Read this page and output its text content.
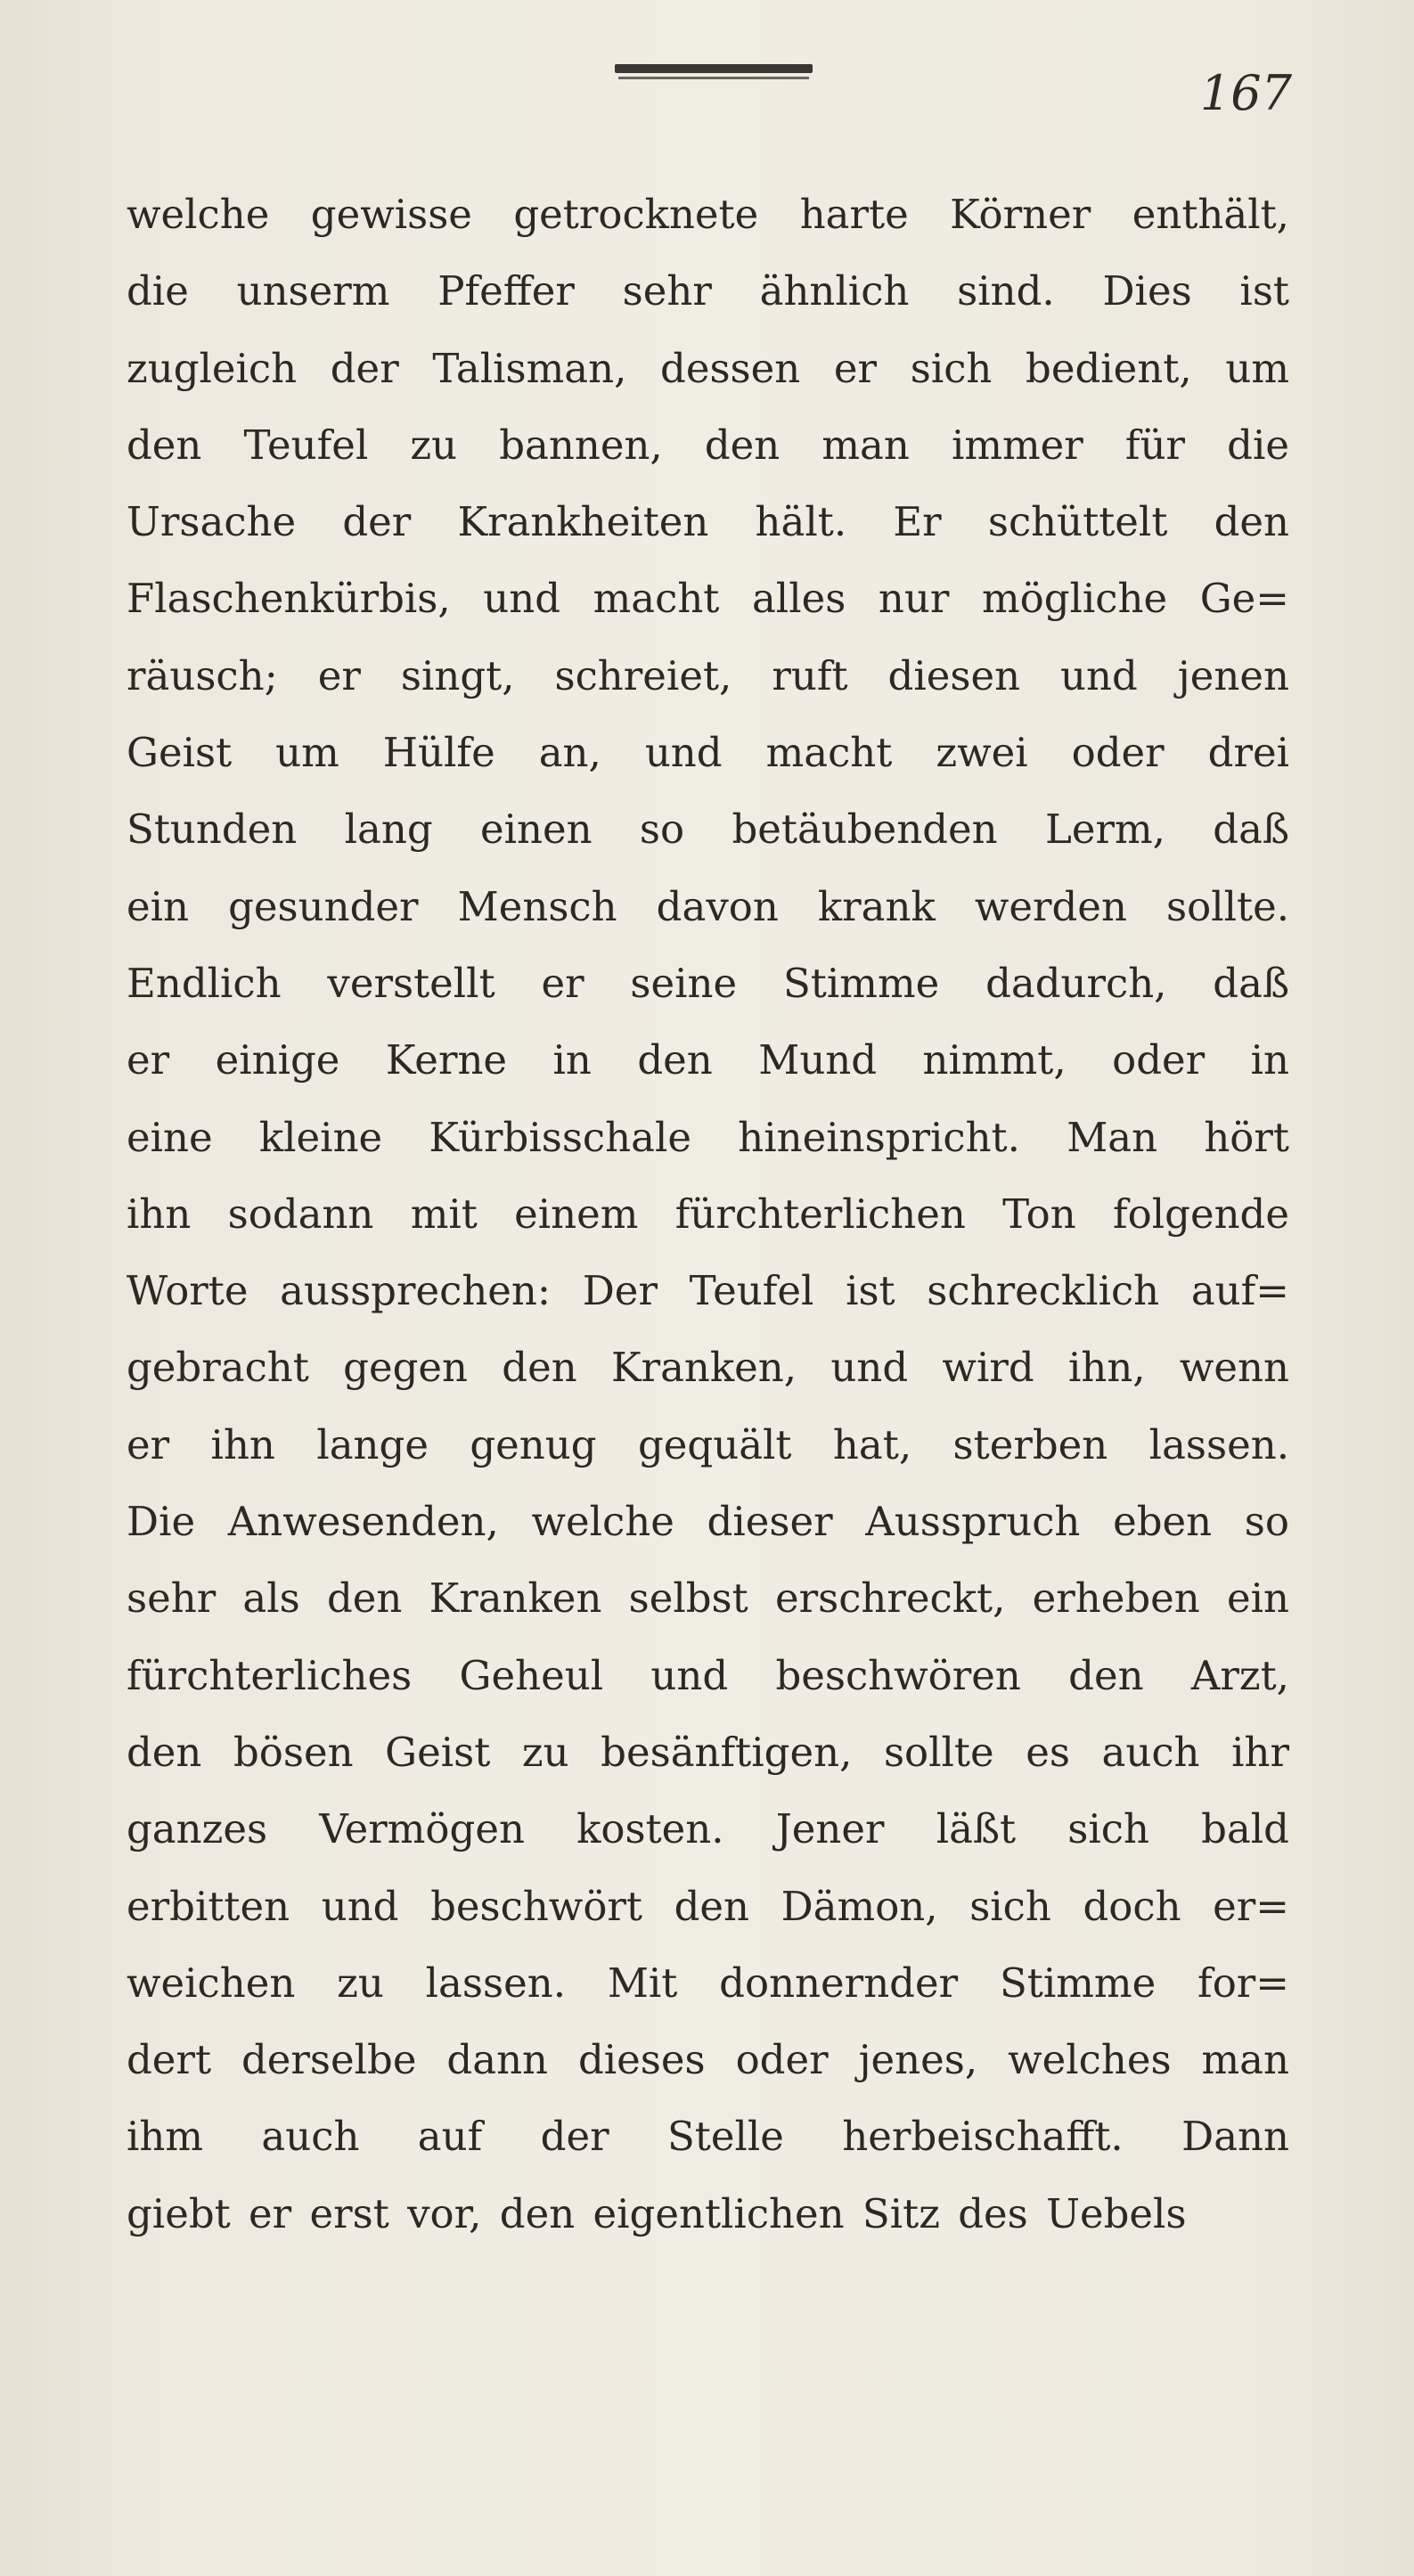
167
welche gewisse getrocknete harte Körner enthält,
die unserm Pfeffer sehr ähnlich sind. Dies ist
zugleich der Talisman, dessen er sich bedient, um
den Teufel zu bannen, den man immer für die
Ursache der Krankheiten hält. Er schüttelt den
Flaschenkürbis, und macht alles nur mögliche Ge=
räusch; er singt, schreiet, ruft diesen und jenen
Geist um Hülfe an, und macht zwei oder drei
Stunden lang einen so betäubenden Lerm, daß
ein gesunder Mensch davon krank werden sollte.
Endlich verstellt er seine Stimme dadurch, daß
er einige Kerne in den Mund nimmt, oder in
eine kleine Kürbisschale hineinspricht. Man hört
ihn sodann mit einem fürchterlichen Ton folgende
Worte aussprechen: Der Teufel ist schrecklich auf=
gebracht gegen den Kranken, und wird ihn, wenn
er ihn lange genug gequält hat, sterben lassen.
Die Anwesenden, welche dieser Ausspruch eben so
sehr als den Kranken selbst erschreckt, erheben ein
fürchterliches Geheul und beschwören den Arzt,
den bösen Geist zu besänftigen, sollte es auch ihr
ganzes Vermögen kosten. Jener läßt sich bald
erbitten und beschwört den Dämon, sich doch er=
weichen zu lassen. Mit donnernder Stimme for=
dert derselbe dann dieses oder jenes, welches man
ihm auch auf der Stelle herbeischafft. Dann
giebt er erst vor, den eigentlichen Sitz des Uebels
